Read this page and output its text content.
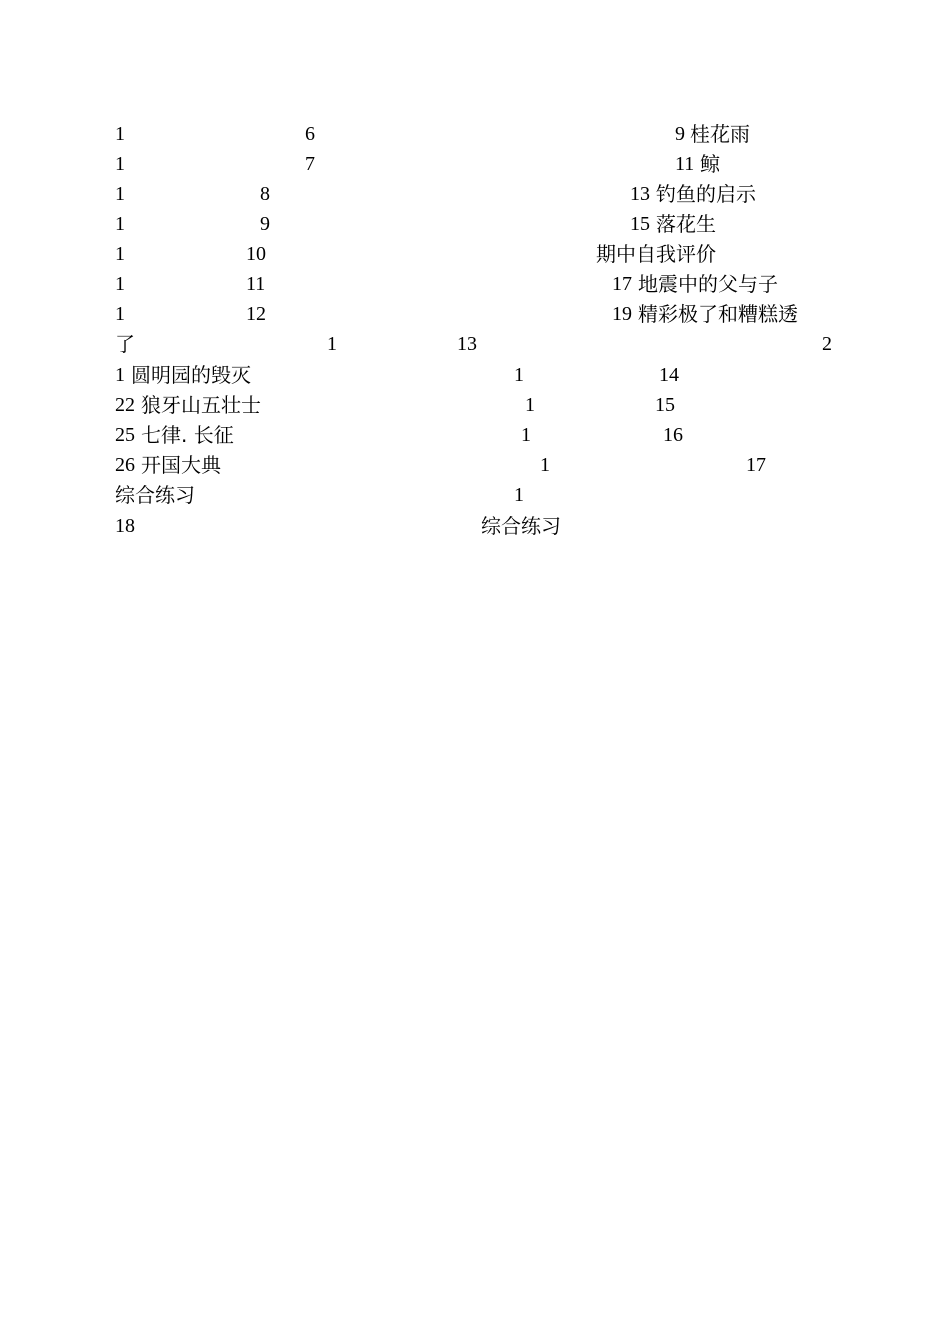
1	6	9 桂花雨
1	7	11 鲸
1	8	13 钓鱼的启示
1	9	15 落花生
1	10	期中自我评价
1	11	17 地震中的父与子
1	12	19 精彩极了和糟糕透
了	1	13	2
1 圆明园的毁灭	1	14
22 狼牙山五壮士	1	15
25 七律. 长征	1	16
26 开国大典	1	17
综合练习	1
18	综合练习
